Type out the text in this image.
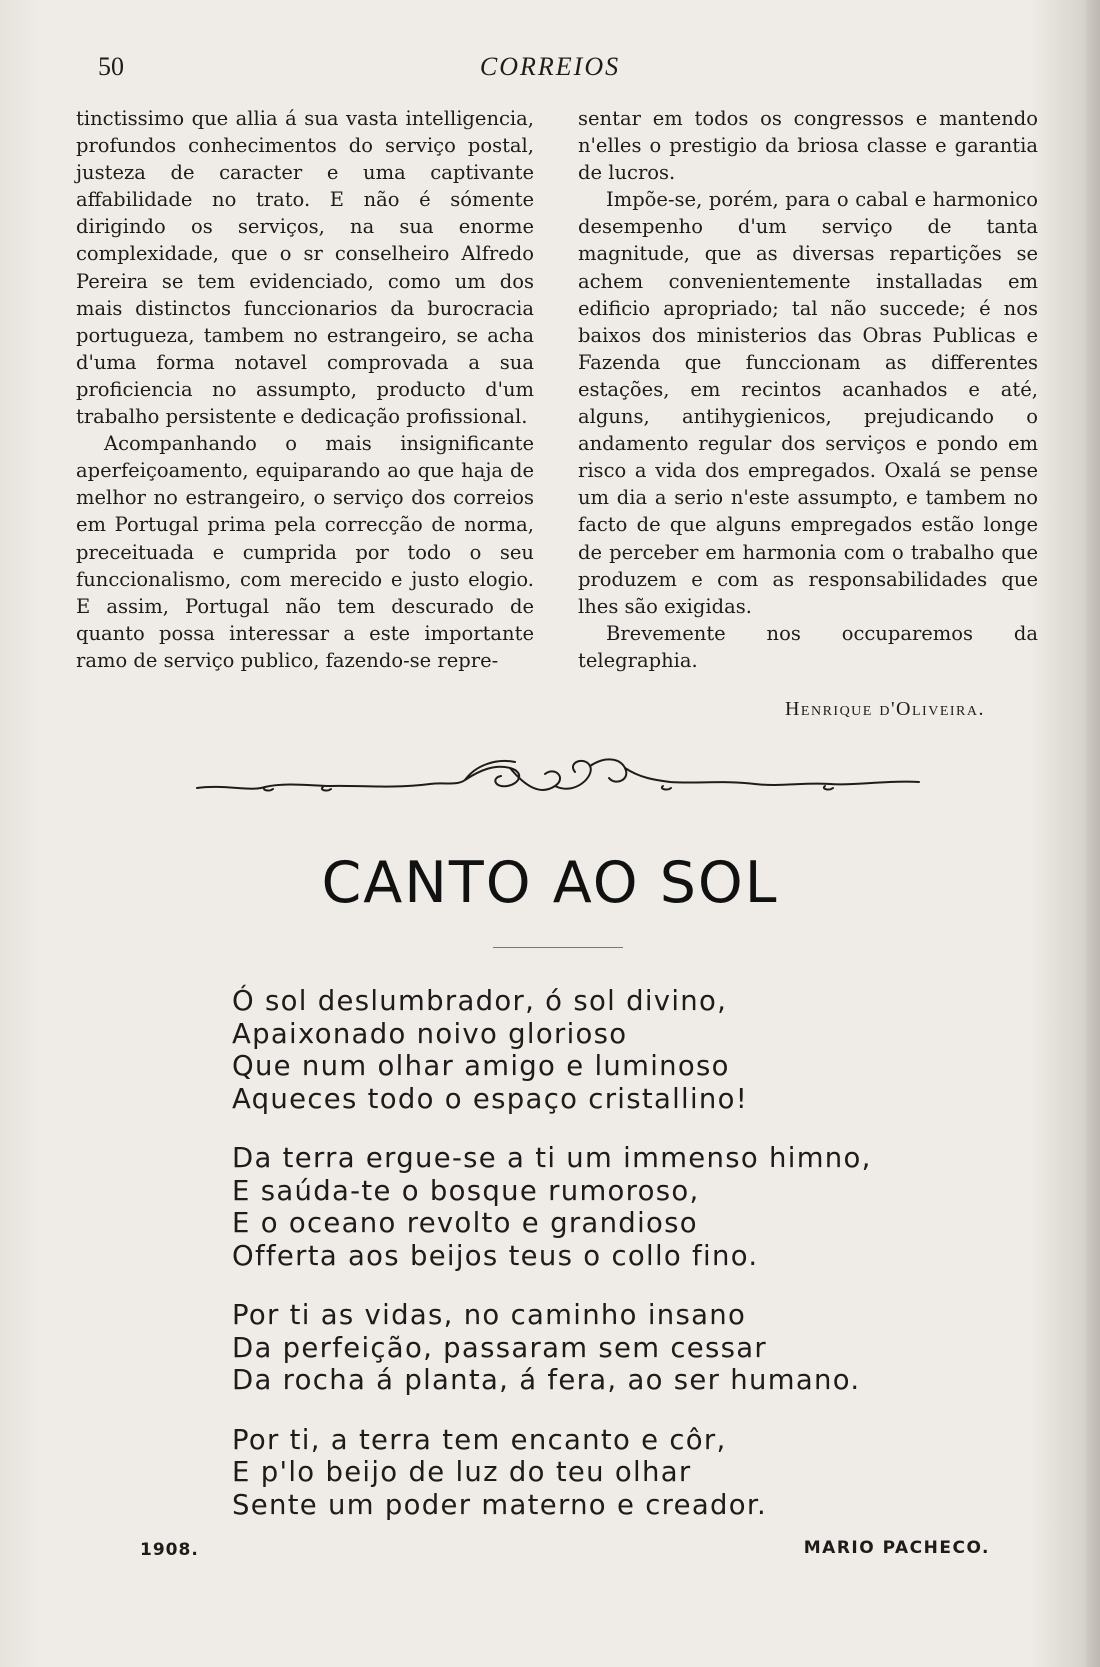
50	CORREIOS

tinctissimo que allia á sua vasta intelligencia, profundos conhecimentos do serviço postal, justeza de caracter e uma captivante affabilidade no trato. E não é sómente dirigindo os serviços, na sua enorme complexidade, que o sr conselheiro Alfredo Pereira se tem evidenciado, como um dos mais distinctos funccionarios da burocracia portugueza, tambem no estrangeiro, se acha d'uma forma notavel comprovada a sua proficiencia no assumpto, producto d'um trabalho persistente e dedicação profissional.

Acompanhando o mais insignificante aperfeiçoamento, equiparando ao que haja de melhor no estrangeiro, o serviço dos correios em Portugal prima pela correcção de norma, preceituada e cumprida por todo o seu funccionalismo, com merecido e justo elogio. E assim, Portugal não tem descurado de quanto possa interessar a este importante ramo de serviço publico, fazendo-se repre-

sentar em todos os congressos e mantendo n'elles o prestigio da briosa classe e garantia de lucros.

Impõe-se, porém, para o cabal e harmonico desempenho d'um serviço de tanta magnitude, que as diversas repartições se achem convenientemente installadas em edificio apropriado; tal não succede; é nos baixos dos ministerios das Obras Publicas e Fazenda que funccionam as differentes estações, em recintos acanhados e até, alguns, antihygienicos, prejudicando o andamento regular dos serviços e pondo em risco a vida dos empregados. Oxalá se pense um dia a serio n'este assumpto, e tambem no facto de que alguns empregados estão longe de perceber em harmonia com o trabalho que produzem e com as responsabilidades que lhes são exigidas.

Brevemente nos occuparemos da telegraphia.

Henrique d'Oliveira.
CANTO AO SOL
Ó sol deslumbrador, ó sol divino,
Apaixonado noivo glorioso
Que num olhar amigo e luminoso
Aqueces todo o espaço cristallino!
Da terra ergue-se a ti um immenso himno,
E saúda-te o bosque rumoroso,
E o oceano revolto e grandioso
Offerta aos beijos teus o collo fino.
Por ti as vidas, no caminho insano
Da perfeição, passaram sem cessar
Da rocha á planta, á fera, ao ser humano.
Por ti, a terra tem encanto e côr,
E p'lo beijo de luz do teu olhar
Sente um poder materno e creador.
1908.	MARIO PACHECO.
